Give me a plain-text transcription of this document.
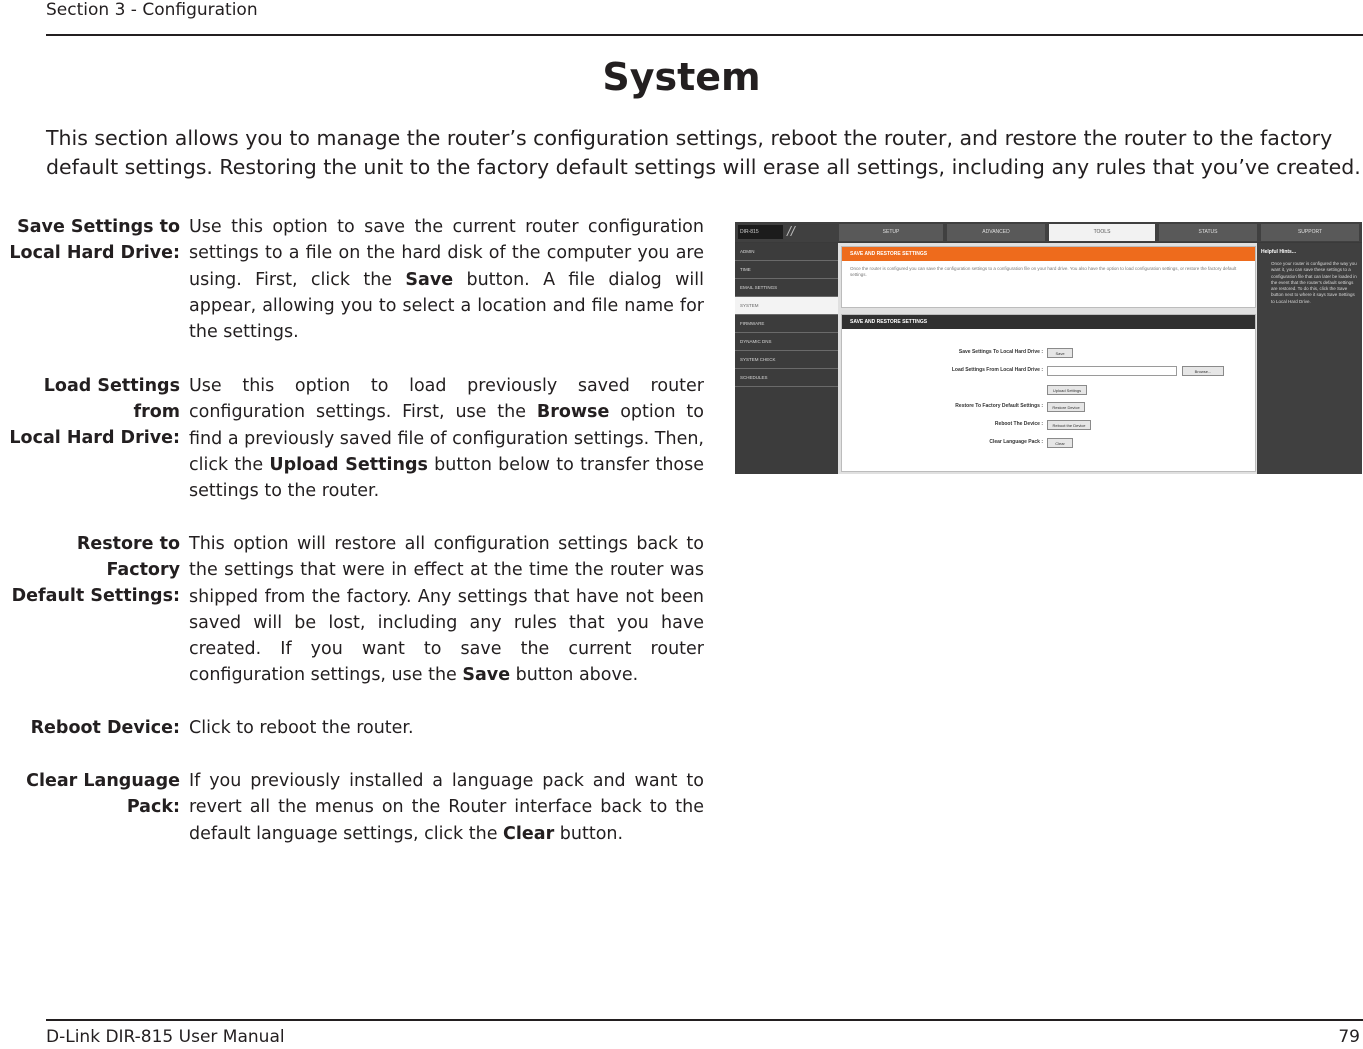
Section 3 - Configuration
System
This section allows you to manage the router’s configuration settings, reboot the router, and restore the router to the factory
default settings. Restoring the unit to the factory default settings will erase all settings, including any rules that you’ve created.
Save Settings to
Local Hard Drive:
Use this option to save the current router configuration settings to a file on the hard disk of the computer you are using. First, click the Save button. A file dialog will appear, allowing you to select a location and file name for the settings.
Load Settings from
Local Hard Drive:
Use this option to load previously saved router configuration settings. First, use the Browse option to find a previously saved file of configuration settings. Then, click the Upload Settings button below to transfer those settings to the router.
Restore to Factory
Default Settings:
This option will restore all configuration settings back to the settings that were in effect at the time the router was shipped from the factory. Any settings that have not been saved will be lost, including any rules that you have created. If you want to save the current router configuration settings, use the Save button above.
Reboot Device: Click to reboot the router.
Clear Language
Pack:
If you previously installed a language pack and want to revert all the menus on the Router interface back to the default language settings, click the Clear button.
DIR-815	//	SETUP	ADVANCED	TOOLS	STATUS	SUPPORT
ADMIN
TIME
EMAIL SETTINGS
SYSTEM
FIRMWARE
DYNAMIC DNS
SYSTEM CHECK
SCHEDULES
SAVE AND RESTORE SETTINGS
Once the router is configured you can save the configuration settings to a configuration file on your hard drive. You also have the option to load configuration settings, or restore the factory default settings.
SAVE AND RESTORE SETTINGS
Save Settings To Local Hard Drive :	Save
Load Settings From Local Hard Drive :	Browse...
Upload Settings
Restore To Factory Default Settings :	Restore Device
Reboot The Device :	Reboot the Device
Clear Language Pack :	Clear
Helpful Hints...
Once your router is configured the way you want it, you can save these settings to a configuration file that can later be loaded in the event that the router's default settings are restored. To do this, click the Save button next to where it says Save Settings to Local Hard Drive.
D-Link DIR-815 User Manual	79
